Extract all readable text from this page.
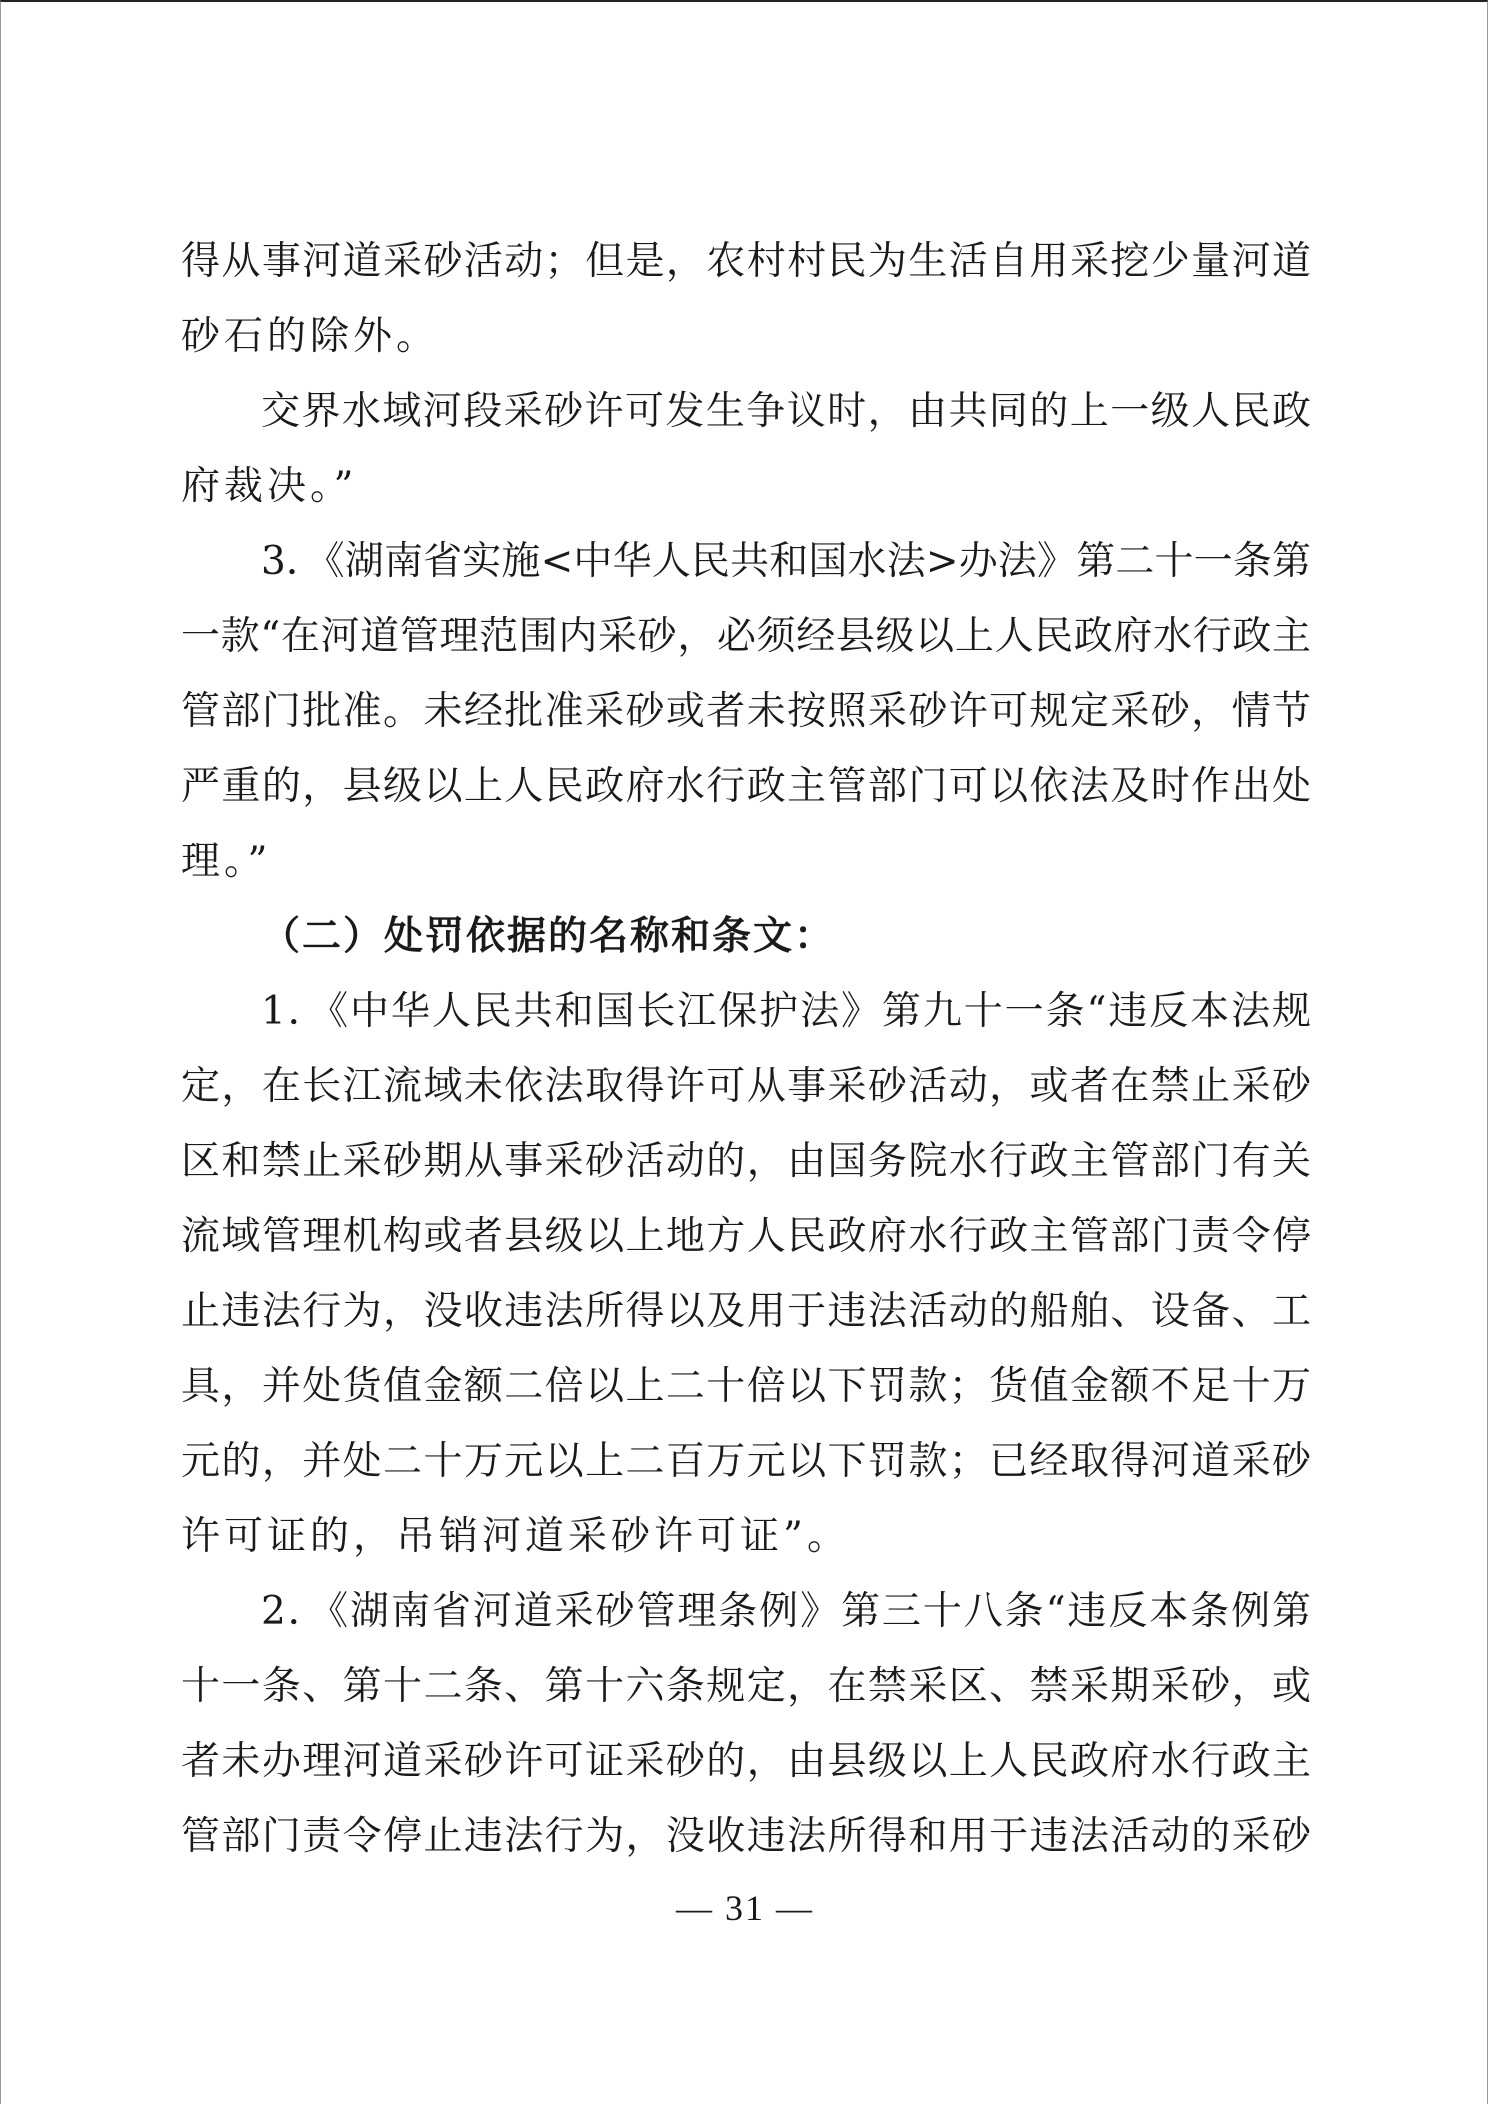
得从事河道采砂活动；但是，农村村民为生活自用采挖少量河道
砂石的除外。
交界水域河段采砂许可发生争议时，由共同的上一级人民政
府裁决。”
3．《湖南省实施<中华人民共和国水法>办法》第二十一条第
一款“在河道管理范围内采砂，必须经县级以上人民政府水行政主
管部门批准。未经批准采砂或者未按照采砂许可规定采砂，情节
严重的，县级以上人民政府水行政主管部门可以依法及时作出处
理。”
（二）处罚依据的名称和条文：
1．《中华人民共和国长江保护法》第九十一条“违反本法规
定，在长江流域未依法取得许可从事采砂活动，或者在禁止采砂
区和禁止采砂期从事采砂活动的，由国务院水行政主管部门有关
流域管理机构或者县级以上地方人民政府水行政主管部门责令停
止违法行为，没收违法所得以及用于违法活动的船舶、设备、工
具，并处货值金额二倍以上二十倍以下罚款；货值金额不足十万
元的，并处二十万元以上二百万元以下罚款；已经取得河道采砂
许可证的，吊销河道采砂许可证”。
2．《湖南省河道采砂管理条例》第三十八条“违反本条例第
十一条、第十二条、第十六条规定，在禁采区、禁采期采砂，或
者未办理河道采砂许可证采砂的，由县级以上人民政府水行政主
管部门责令停止违法行为，没收违法所得和用于违法活动的采砂
— 31 —
